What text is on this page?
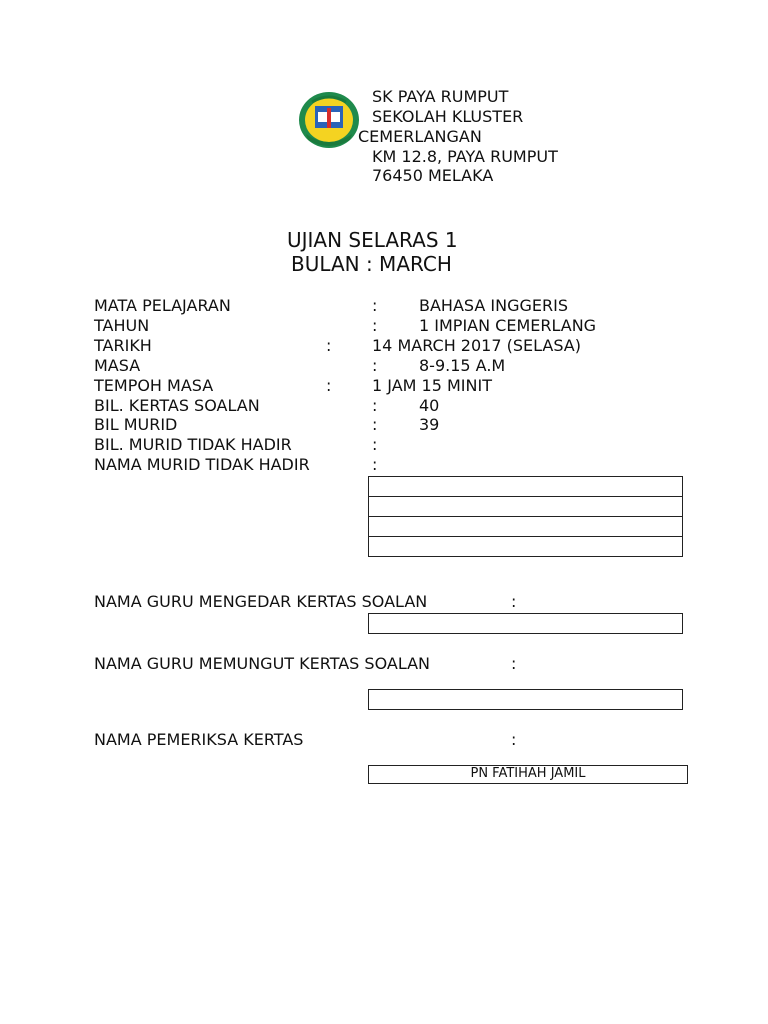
SK PAYA RUMPUT
SEKOLAH KLUSTER
CEMERLANGAN
KM 12.8, PAYA RUMPUT
76450 MELAKA
UJIAN SELARAS 1
BULAN : MARCH
MATA PELAJARAN	:	BAHASA INGGERIS
TAHUN	:	1 IMPIAN CEMERLANG
TARIKH	:	14 MARCH 2017 (SELASA)
MASA	:	8-9.15 A.M
TEMPOH MASA	:	1 JAM 15 MINIT
BIL. KERTAS SOALAN	:	40
BIL MURID	:	39
BIL. MURID TIDAK HADIR	:
NAMA MURID TIDAK HADIR	:
NAMA GURU MENGEDAR KERTAS SOALAN	:
NAMA GURU MEMUNGUT KERTAS SOALAN	:
NAMA PEMERIKSA KERTAS	:
PN FATIHAH JAMIL
